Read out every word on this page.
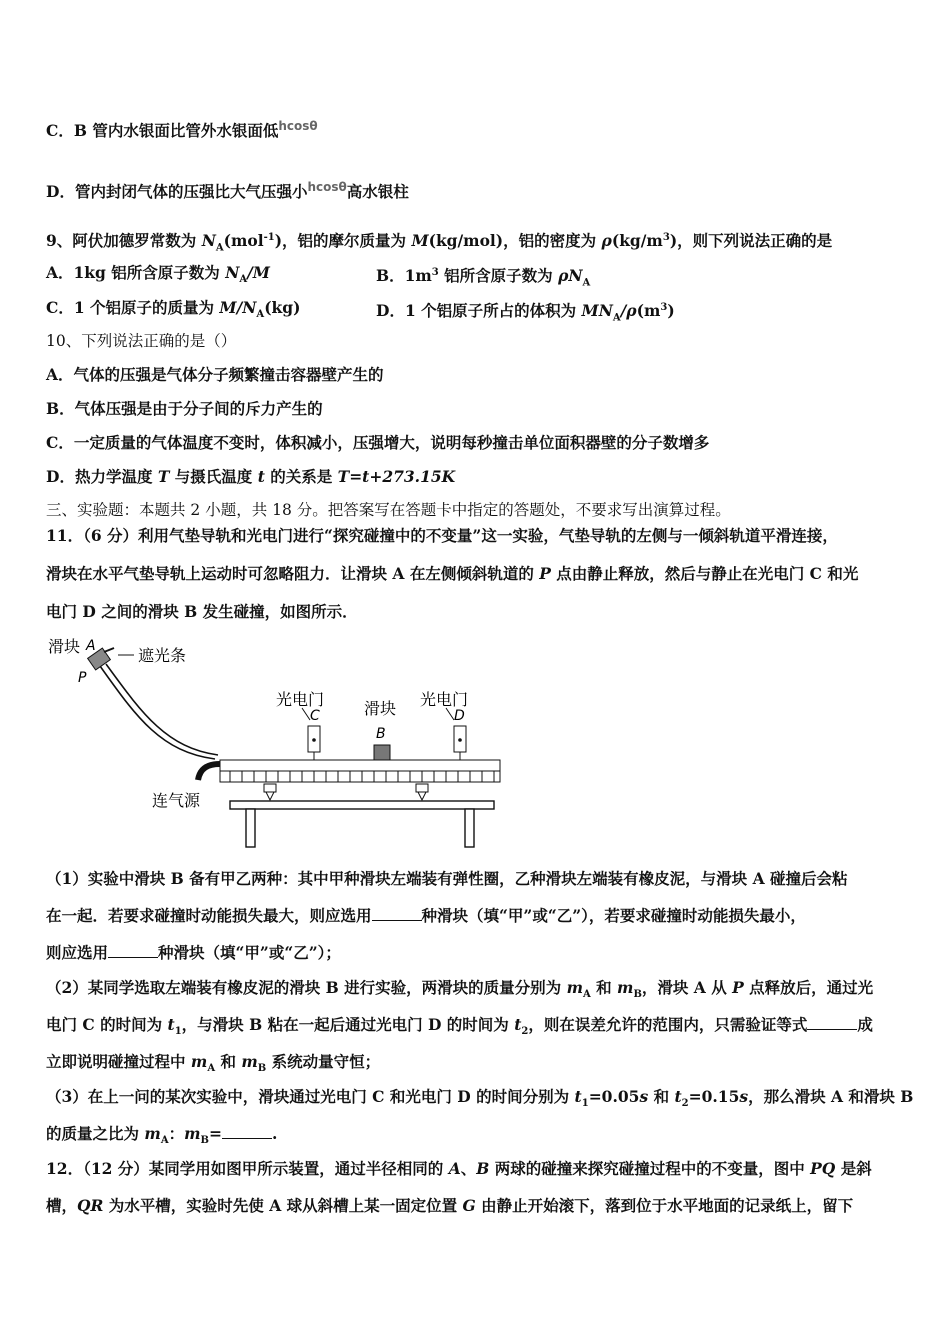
C．B 管内水银面比管外水银面低$^{hcos\theta}$
D．管内封闭气体的压强比大气压强小$^{hcos\theta}$高水银柱
9、阿伏加德罗常数为 $N_A(mol^{-1})$，铝的摩尔质量为 M(kg/mol)，铝的密度为 $\rho(kg/m^3)$，则下列说法正确的是
A．1kg 铝所含原子数为 $N_A/M$	B．$1m^3$ 铝所含原子数为 $\rho N_A$
C．1 个铝原子的质量为 $M/N_A(kg)$	D．1 个铝原子所占的体积为 $MN_A/\rho(m^3)$
10、下列说法正确的是（）
A．气体的压强是气体分子频繁撞击容器壁产生的
B．气体压强是由于分子间的斥力产生的
C．一定质量的气体温度不变时，体积减小，压强增大，说明每秒撞击单位面积器壁的分子数增多
D．热力学温度 T 与摄氏温度 t 的关系是 T=t+273.15K
三、实验题：本题共 2 小题，共 18 分。把答案写在答题卡中指定的答题处，不要求写出演算过程。
11．（6 分）利用气垫导轨和光电门进行“探究碰撞中的不变量”这一实验，气垫导轨的左侧与一倾斜轨道平滑连接，
滑块在水平气垫导轨上运动时可忽略阻力．让滑块 A 在左侧倾斜轨道的 P 点由静止释放，然后与静止在光电门 C 和光
电门 D 之间的滑块 B 发生碰撞，如图所示．
滑块 A
P
遮光条
连气源
光电门
C	滑块
B
光电门
D
（1）实验中滑块 B 备有甲乙两种：其中甲种滑块左端装有弹性圈，乙种滑块左端装有橡皮泥，与滑块 A 碰撞后会粘
在一起．若要求碰撞时动能损失最大，则应选用	种滑块（填“甲”或“乙”），若要求碰撞时动能损失最小，
则应选用	种滑块（填“甲”或“乙”）；
（2）某同学选取左端装有橡皮泥的滑块 B 进行实验，两滑块的质量分别为 $m_A$ 和 $m_B$，滑块 A 从 P 点释放后，通过光
电门 C 的时间为 $t_1$，与滑块 B 粘在一起后通过光电门 D 的时间为 $t_2$，则在误差允许的范围内，只需验证等式	成
立即说明碰撞过程中 $m_A$ 和 $m_B$ 系统动量守恒；
（3）在上一问的某次实验中，滑块通过光电门 C 和光电门 D 的时间分别为 $t_1=0.05s$ 和 $t_2=0.15s$，那么滑块 A 和滑块 B
的质量之比为 $m_A$：$m_B=$	.
12．（12 分）某同学用如图甲所示装置，通过半径相同的 A、B 两球的碰撞来探究碰撞过程中的不变量，图中 PQ 是斜
槽，QR 为水平槽，实验时先使 A 球从斜槽上某一固定位置 G 由静止开始滚下，落到位于水平地面的记录纸上，留下
